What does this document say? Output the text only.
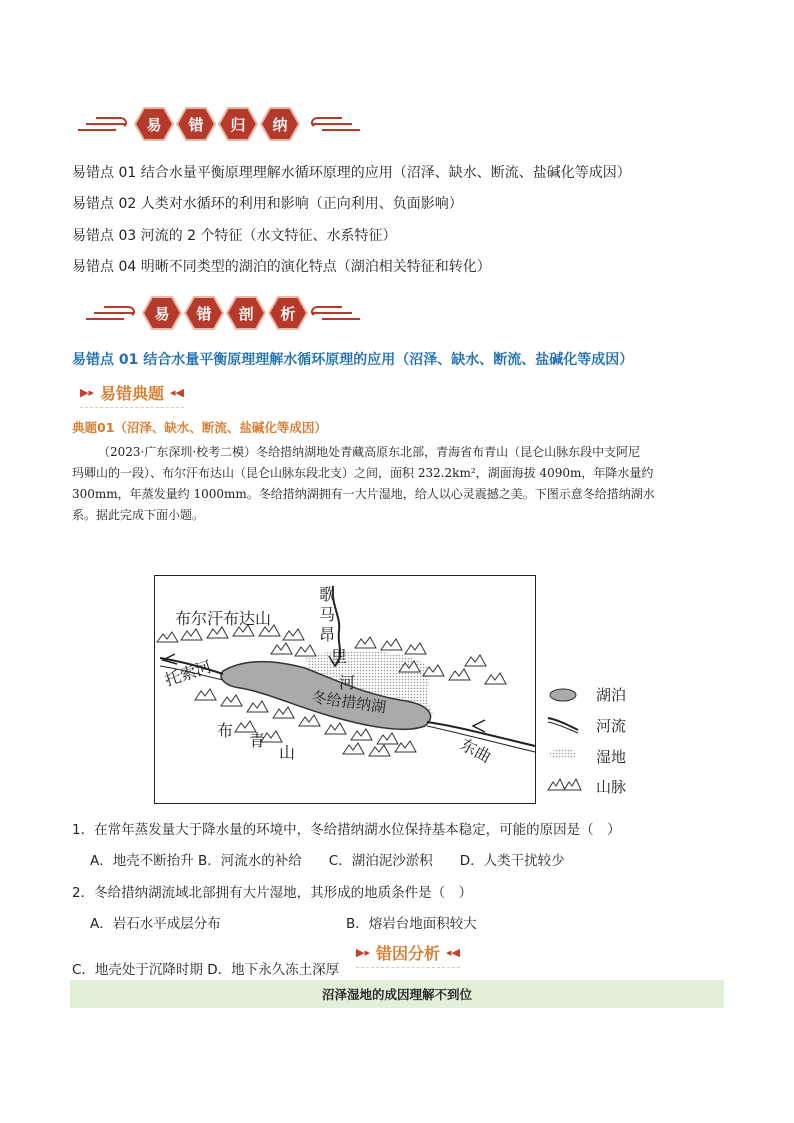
易 错 归 纳
易错点 01 结合水量平衡原理理解水循环原理的应用（沼泽、缺水、断流、盐碱化等成因）
易错点 02 人类对水循环的利用和影响（正向利用、负面影响）
易错点 03 河流的 2 个特征（水文特征、水系特征）
易错点 04 明晰不同类型的湖泊的演化特点（湖泊相关特征和转化）
易 错 剖 析
易错点 01 结合水量平衡原理理解水循环原理的应用（沼泽、缺水、断流、盐碱化等成因）
▶▸ 易错典题 ◂◀
典题01（沼泽、缺水、断流、盐碱化等成因）
（2023·广东深圳·校考二模）冬给措纳湖地处青藏高原东北部，青海省布青山（昆仑山脉东段中支阿尼
玛卿山的一段）、布尔汗布达山（昆仑山脉东段北支）之间，面积 232.2km²，湖面海拔 4090m，年降水量约
300mm，年蒸发量约 1000mm。冬给措纳湖拥有一大片湿地，给人以心灵震撼之美。下图示意冬给措纳湖水
系。据此完成下面小题。
布尔汗布达山
歌
马
昂
里
河
托索河
冬给措纳湖
布
青
山	东曲
湖泊
河流
湿地
山脉
1．在常年蒸发量大于降水量的环境中，冬给措纳湖水位保持基本稳定，可能的原因是（　）
A．地壳不断抬升 B．河流水的补给　　C．湖泊泥沙淤积　　D．人类干扰较少
2．冬给措纳湖流域北部拥有大片湿地，其形成的地质条件是（　）
A．岩石水平成层分布	B．熔岩台地面积较大
C．地壳处于沉降时期 D．地下永久冻土深厚
▶▸ 错因分析 ◂◀
沼泽湿地的成因理解不到位
